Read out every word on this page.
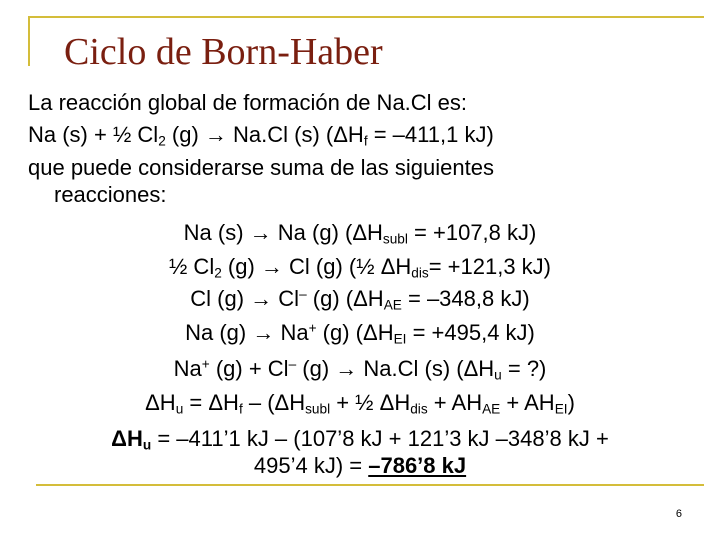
Ciclo de Born-Haber
La reacción global de formación de Na.Cl es:
Na (s) + ½ $Cl_2$ (g) → Na.Cl (s) ($\Delta H_f = -411,1$ kJ)
que puede considerarse suma de las siguientes
reacciones:
Na (s) → Na (g) ($\Delta H_{subl} = +107,8$ kJ)
½ $Cl_2$ (g) → Cl (g) (½ $\Delta H_{dis}= +121,3$ kJ)
Cl (g) → Cl– (g) ($\Delta H_{AE} = -348,8$ kJ)
Na (g) → Na+ (g) ($\Delta H_{EI} = +495,4$ kJ)
Na+ (g) + Cl– (g) → Na.Cl (s) ($\Delta H_u$ = ?)
$\Delta H_u = \Delta H_f - (\Delta H_{subl}$ + ½ $\Delta H_{dis} + AH_{AE} + AH_{EI}$)
$\Delta H_u$ = –411’1 kJ – (107’8 kJ + 121’3 kJ –348’8 kJ +
495’4 kJ) = –786’8 kJ
6
